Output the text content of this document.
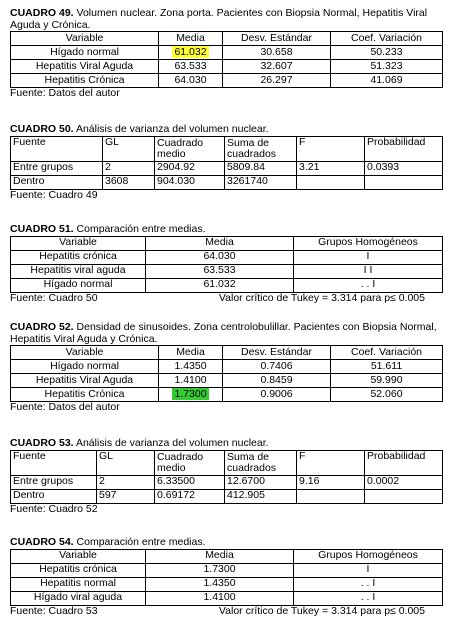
CUADRO 49. Volumen nuclear. Zona porta. Pacientes con Biopsia Normal, Hepatitis Viral Aguda y Crónica.

Variable	Media	Desv. Estándar	Coef. Variación
Hígado normal	61.032	30.658	50.233
Hepatitis Viral Aguda	63.533	32.607	51.323
Hepatitis Crónica	64.030	26.297	41.069
Fuente: Datos del autor

CUADRO 50. Análisis de varianza del volumen nuclear.

Fuente	GL	Cuadrado medio	Suma de cuadrados	F	Probabilidad
Entre grupos	2	2904.92	5809.84	3.21	0.0393
Dentro	3608	904.030	3261740		
Fuente: Cuadro 49

CUADRO 51. Comparación entre medias.

Variable	Media	Grupos Homogéneos
Hepatitis crónica	64.030	I
Hepatitis viral aguda	63.533	I I
Hígado normal	61.032	. . I
Fuente: Cuadro 50	Valor crítico de Tukey = 3.314 para p≤ 0.005

CUADRO 52. Densidad de sinusoides. Zona centrolobulillar. Pacientes con Biopsia Normal, Hepatitis Viral Aguda y Crónica.

Variable	Media	Desv. Estándar	Coef. Variación
Hígado normal	1.4350	0.7406	51.611
Hepatitis Viral Aguda	1.4100	0.8459	59.990
Hepatitis Crónica	1.7300	0.9006	52.060
Fuente: Datos del autor

CUADRO 53. Análisis de varianza del volumen nuclear.

Fuente	GL	Cuadrado medio	Suma de cuadrados	F	Probabilidad
Entre grupos	2	6.33500	12.6700	9.16	0.0002
Dentro	597	0.69172	412.905		
Fuente: Cuadro 52

CUADRO 54. Comparación entre medias.

Variable	Media	Grupos Homogéneos
Hepatitis crónica	1.7300	I
Hepatitis normal	1.4350	. . I
Hígado viral aguda	1.4100	. . I
Fuente: Cuadro 53	Valor crítico de Tukey = 3.314 para p≤ 0.005
